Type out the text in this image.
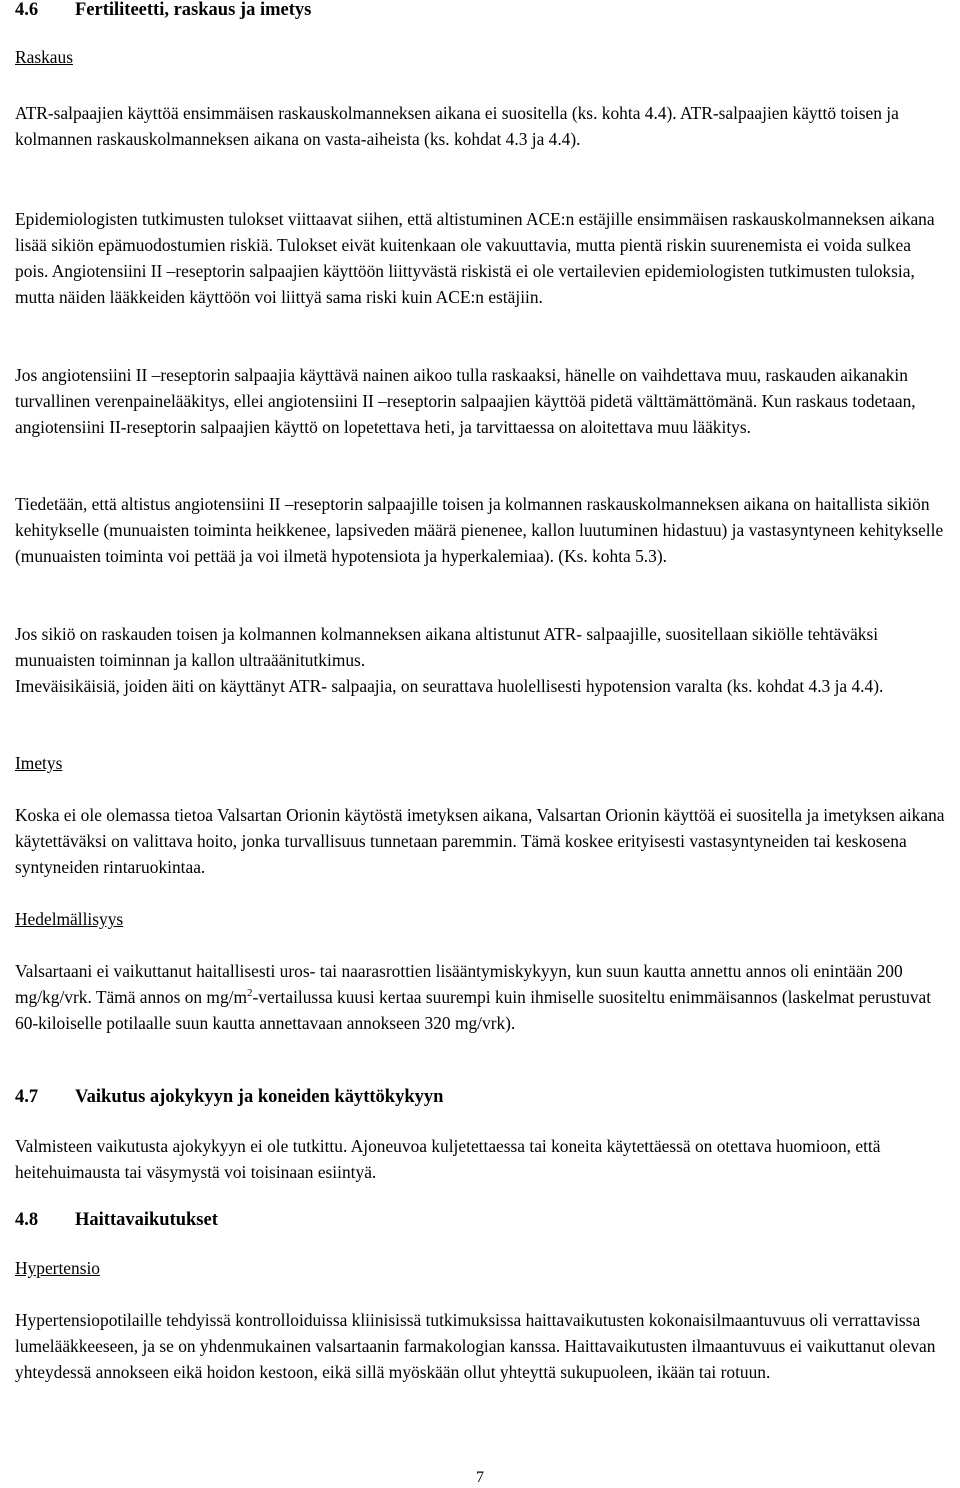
4.6	Fertiliteetti, raskaus ja imetys
Raskaus

ATR-salpaajien käyttöä ensimmäisen raskauskolmanneksen aikana ei suositella (ks. kohta 4.4). ATR-salpaajien käyttö toisen ja kolmannen raskauskolmanneksen aikana on vasta-aiheista (ks. kohdat 4.3 ja 4.4).

Epidemiologisten tutkimusten tulokset viittaavat siihen, että altistuminen ACE:n estäjille ensimmäisen raskauskolmanneksen aikana lisää sikiön epämuodostumien riskiä. Tulokset eivät kuitenkaan ole vakuuttavia, mutta pientä riskin suurenemista ei voida sulkea pois. Angiotensiini II –reseptorin salpaajien käyttöön liittyvästä riskistä ei ole vertailevien epidemiologisten tutkimusten tuloksia, mutta näiden lääkkeiden käyttöön voi liittyä sama riski kuin ACE:n estäjiin.

Jos angiotensiini II –reseptorin salpaajia käyttävä nainen aikoo tulla raskaaksi, hänelle on vaihdettava muu, raskauden aikanakin turvallinen verenpainelääkitys, ellei angiotensiini II –reseptorin salpaajien käyttöä pidetä välttämättömänä. Kun raskaus todetaan, angiotensiini II-reseptorin salpaajien käyttö on lopetettava heti, ja tarvittaessa on aloitettava muu lääkitys.

Tiedetään, että altistus angiotensiini II –reseptorin salpaajille toisen ja kolmannen raskauskolmanneksen aikana on haitallista sikiön kehitykselle (munuaisten toiminta heikkenee, lapsiveden määrä pienenee, kallon luutuminen hidastuu) ja vastasyntyneen kehitykselle (munuaisten toiminta voi pettää ja voi ilmetä hypotensiota ja hyperkalemiaa). (Ks. kohta 5.3).

Jos sikiö on raskauden toisen ja kolmannen kolmanneksen aikana altistunut ATR- salpaajille, suositellaan sikiölle tehtäväksi munuaisten toiminnan ja kallon ultraäänitutkimus.

Imeväisikäisiä, joiden äiti on käyttänyt ATR- salpaajia, on seurattava huolellisesti hypotension varalta (ks. kohdat 4.3 ja 4.4).

Imetys

Koska ei ole olemassa tietoa Valsartan Orionin käytöstä imetyksen aikana, Valsartan Orionin käyttöä ei suositella ja imetyksen aikana käytettäväksi on valittava hoito, jonka turvallisuus tunnetaan paremmin. Tämä koskee erityisesti vastasyntyneiden tai keskosena syntyneiden rintaruokintaa.

Hedelmällisyys

Valsartaani ei vaikuttanut haitallisesti uros- tai naarasrottien lisääntymiskykyyn, kun suun kautta annettu annos oli enintään 200 mg/kg/vrk. Tämä annos on $mg/m^2$-vertailussa kuusi kertaa suurempi kuin ihmiselle suositeltu enimmäisannos (laskelmat perustuvat 60-kiloiselle potilaalle suun kautta annettavaan annokseen 320 mg/vrk).

4.7	Vaikutus ajokykyyn ja koneiden käyttökykyyn

Valmisteen vaikutusta ajokykyyn ei ole tutkittu. Ajoneuvoa kuljetettaessa tai koneita käytettäessä on otettava huomioon, että heitehuimausta tai väsymystä voi toisinaan esiintyä.

4.8	Haittavaikutukset
Hypertensio

Hypertensiopotilaille tehdyissä kontrolloiduissa kliinisissä tutkimuksissa haittavaikutusten kokonaisilmaantuvuus oli verrattavissa lumelääkkeeseen, ja se on yhdenmukainen valsartaanin farmakologian kanssa. Haittavaikutusten ilmaantuvuus ei vaikuttanut olevan yhteydessä annokseen eikä hoidon kestoon, eikä sillä myöskään ollut yhteyttä sukupuoleen, ikään tai rotuun.

7
